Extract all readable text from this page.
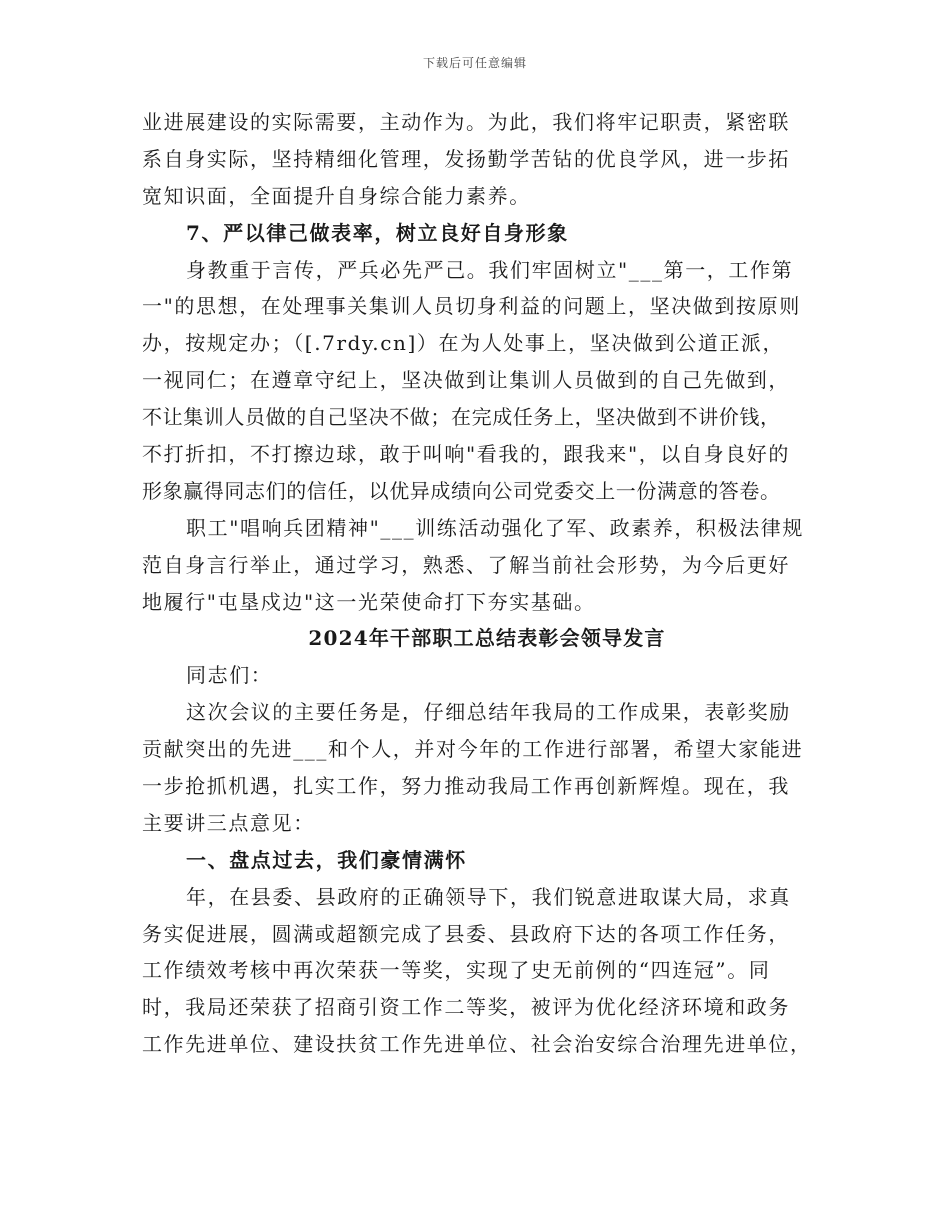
下载后可任意编辑
业进展建设的实际需要，主动作为。为此，我们将牢记职责，紧密联
系自身实际，坚持精细化管理，发扬勤学苦钻的优良学风，进一步拓
宽知识面，全面提升自身综合能力素养。
7、严以律己做表率，树立良好自身形象
身教重于言传，严兵必先严己。我们牢固树立"___第一，工作第
一"的思想，在处理事关集训人员切身利益的问题上，坚决做到按原则
办，按规定办；（[.7rdy.cn]）在为人处事上，坚决做到公道正派，
一视同仁；在遵章守纪上，坚决做到让集训人员做到的自己先做到，
不让集训人员做的自己坚决不做；在完成任务上，坚决做到不讲价钱，
不打折扣，不打擦边球，敢于叫响"看我的，跟我来"，以自身良好的
形象赢得同志们的信任，以优异成绩向公司党委交上一份满意的答卷。
职工"唱响兵团精神"___训练活动强化了军、政素养，积极法律规
范自身言行举止，通过学习，熟悉、了解当前社会形势，为今后更好
地履行"屯垦戍边"这一光荣使命打下夯实基础。
2024年干部职工总结表彰会领导发言
同志们：
这次会议的主要任务是，仔细总结年我局的工作成果，表彰奖励
贡献突出的先进___和个人，并对今年的工作进行部署，希望大家能进
一步抢抓机遇，扎实工作，努力推动我局工作再创新辉煌。现在，我
主要讲三点意见：
一、盘点过去，我们豪情满怀
年，在县委、县政府的正确领导下，我们锐意进取谋大局，求真
务实促进展，圆满或超额完成了县委、县政府下达的各项工作任务，
工作绩效考核中再次荣获一等奖，实现了史无前例的“四连冠”。同
时，我局还荣获了招商引资工作二等奖，被评为优化经济环境和政务
工作先进单位、建设扶贫工作先进单位、社会治安综合治理先进单位，
